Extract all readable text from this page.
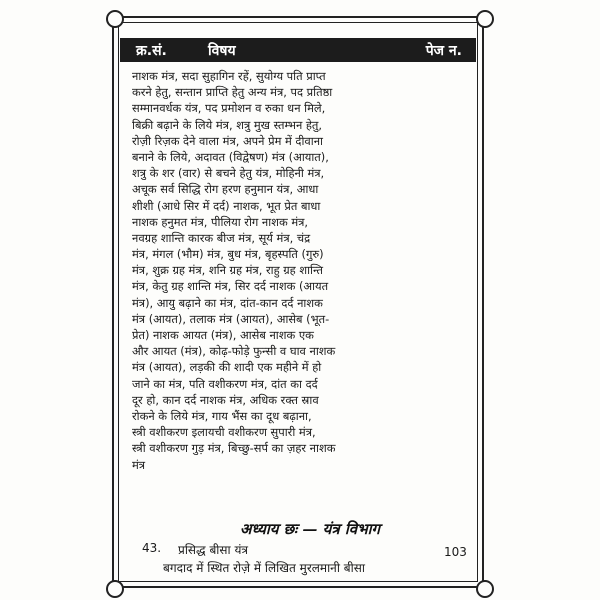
क्र.सं.	विषय	पेज न.
नाशक मंत्र, सदा सुहागिन रहें, सुयोग्य पति प्राप्त
करने हेतु, सन्तान प्राप्ति हेतु अन्य मंत्र, पद प्रतिष्ठा
सम्मानवर्धक यंत्र, पद प्रमोशन व रुका धन मिले,
बिक्री बढ़ाने के लिये मंत्र, शत्रु मुख स्तम्भन हेतु,
रोज़ी रिज़क देने वाला मंत्र, अपने प्रेम में दीवाना
बनाने के लिये, अदावत (विद्वेषण) मंत्र (आयात),
शत्रु के शर (वार) से बचने हेतु यंत्र, मोहिनी मंत्र,
अचूक सर्व सिद्धि रोग हरण हनुमान यंत्र, आधा
शीशी (आधे सिर में दर्द) नाशक, भूत प्रेत बाधा
नाशक हनुमत मंत्र, पीलिया रोग नाशक मंत्र,
नवग्रह शान्ति कारक बीज मंत्र, सूर्य मंत्र, चंद्र
मंत्र, मंगल (भौम) मंत्र, बुध मंत्र, बृहस्पति (गुरु)
मंत्र, शुक्र ग्रह मंत्र, शनि ग्रह मंत्र, राहु ग्रह शान्ति
मंत्र, केतु ग्रह शान्ति मंत्र, सिर दर्द नाशक (आयत
मंत्र), आयु बढ़ाने का मंत्र, दांत-कान दर्द नाशक
मंत्र (आयत), तलाक मंत्र (आयत), आसेब (भूत-
प्रेत) नाशक आयत (मंत्र), आसेब नाशक एक
और आयत (मंत्र), कोढ़-फोड़े फुन्सी व घाव नाशक
मंत्र (आयत), लड़की की शादी एक महीने में हो
जाने का मंत्र, पति वशीकरण मंत्र, दांत का दर्द
दूर हो, कान दर्द नाशक मंत्र, अधिक रक्त स्राव
रोकने के लिये मंत्र, गाय भैंस का दूध बढ़ाना,
स्त्री वशीकरण इलायची वशीकरण सुपारी मंत्र,
स्त्री वशीकरण गुड़ मंत्र, बिच्छु-सर्प का ज़हर नाशक
मंत्र
अध्याय छः — यंत्र विभाग
43. प्रसिद्ध बीसा यंत्र	103
बगदाद में स्थित रोज़े में लिखित मुरलमानी बीसा
